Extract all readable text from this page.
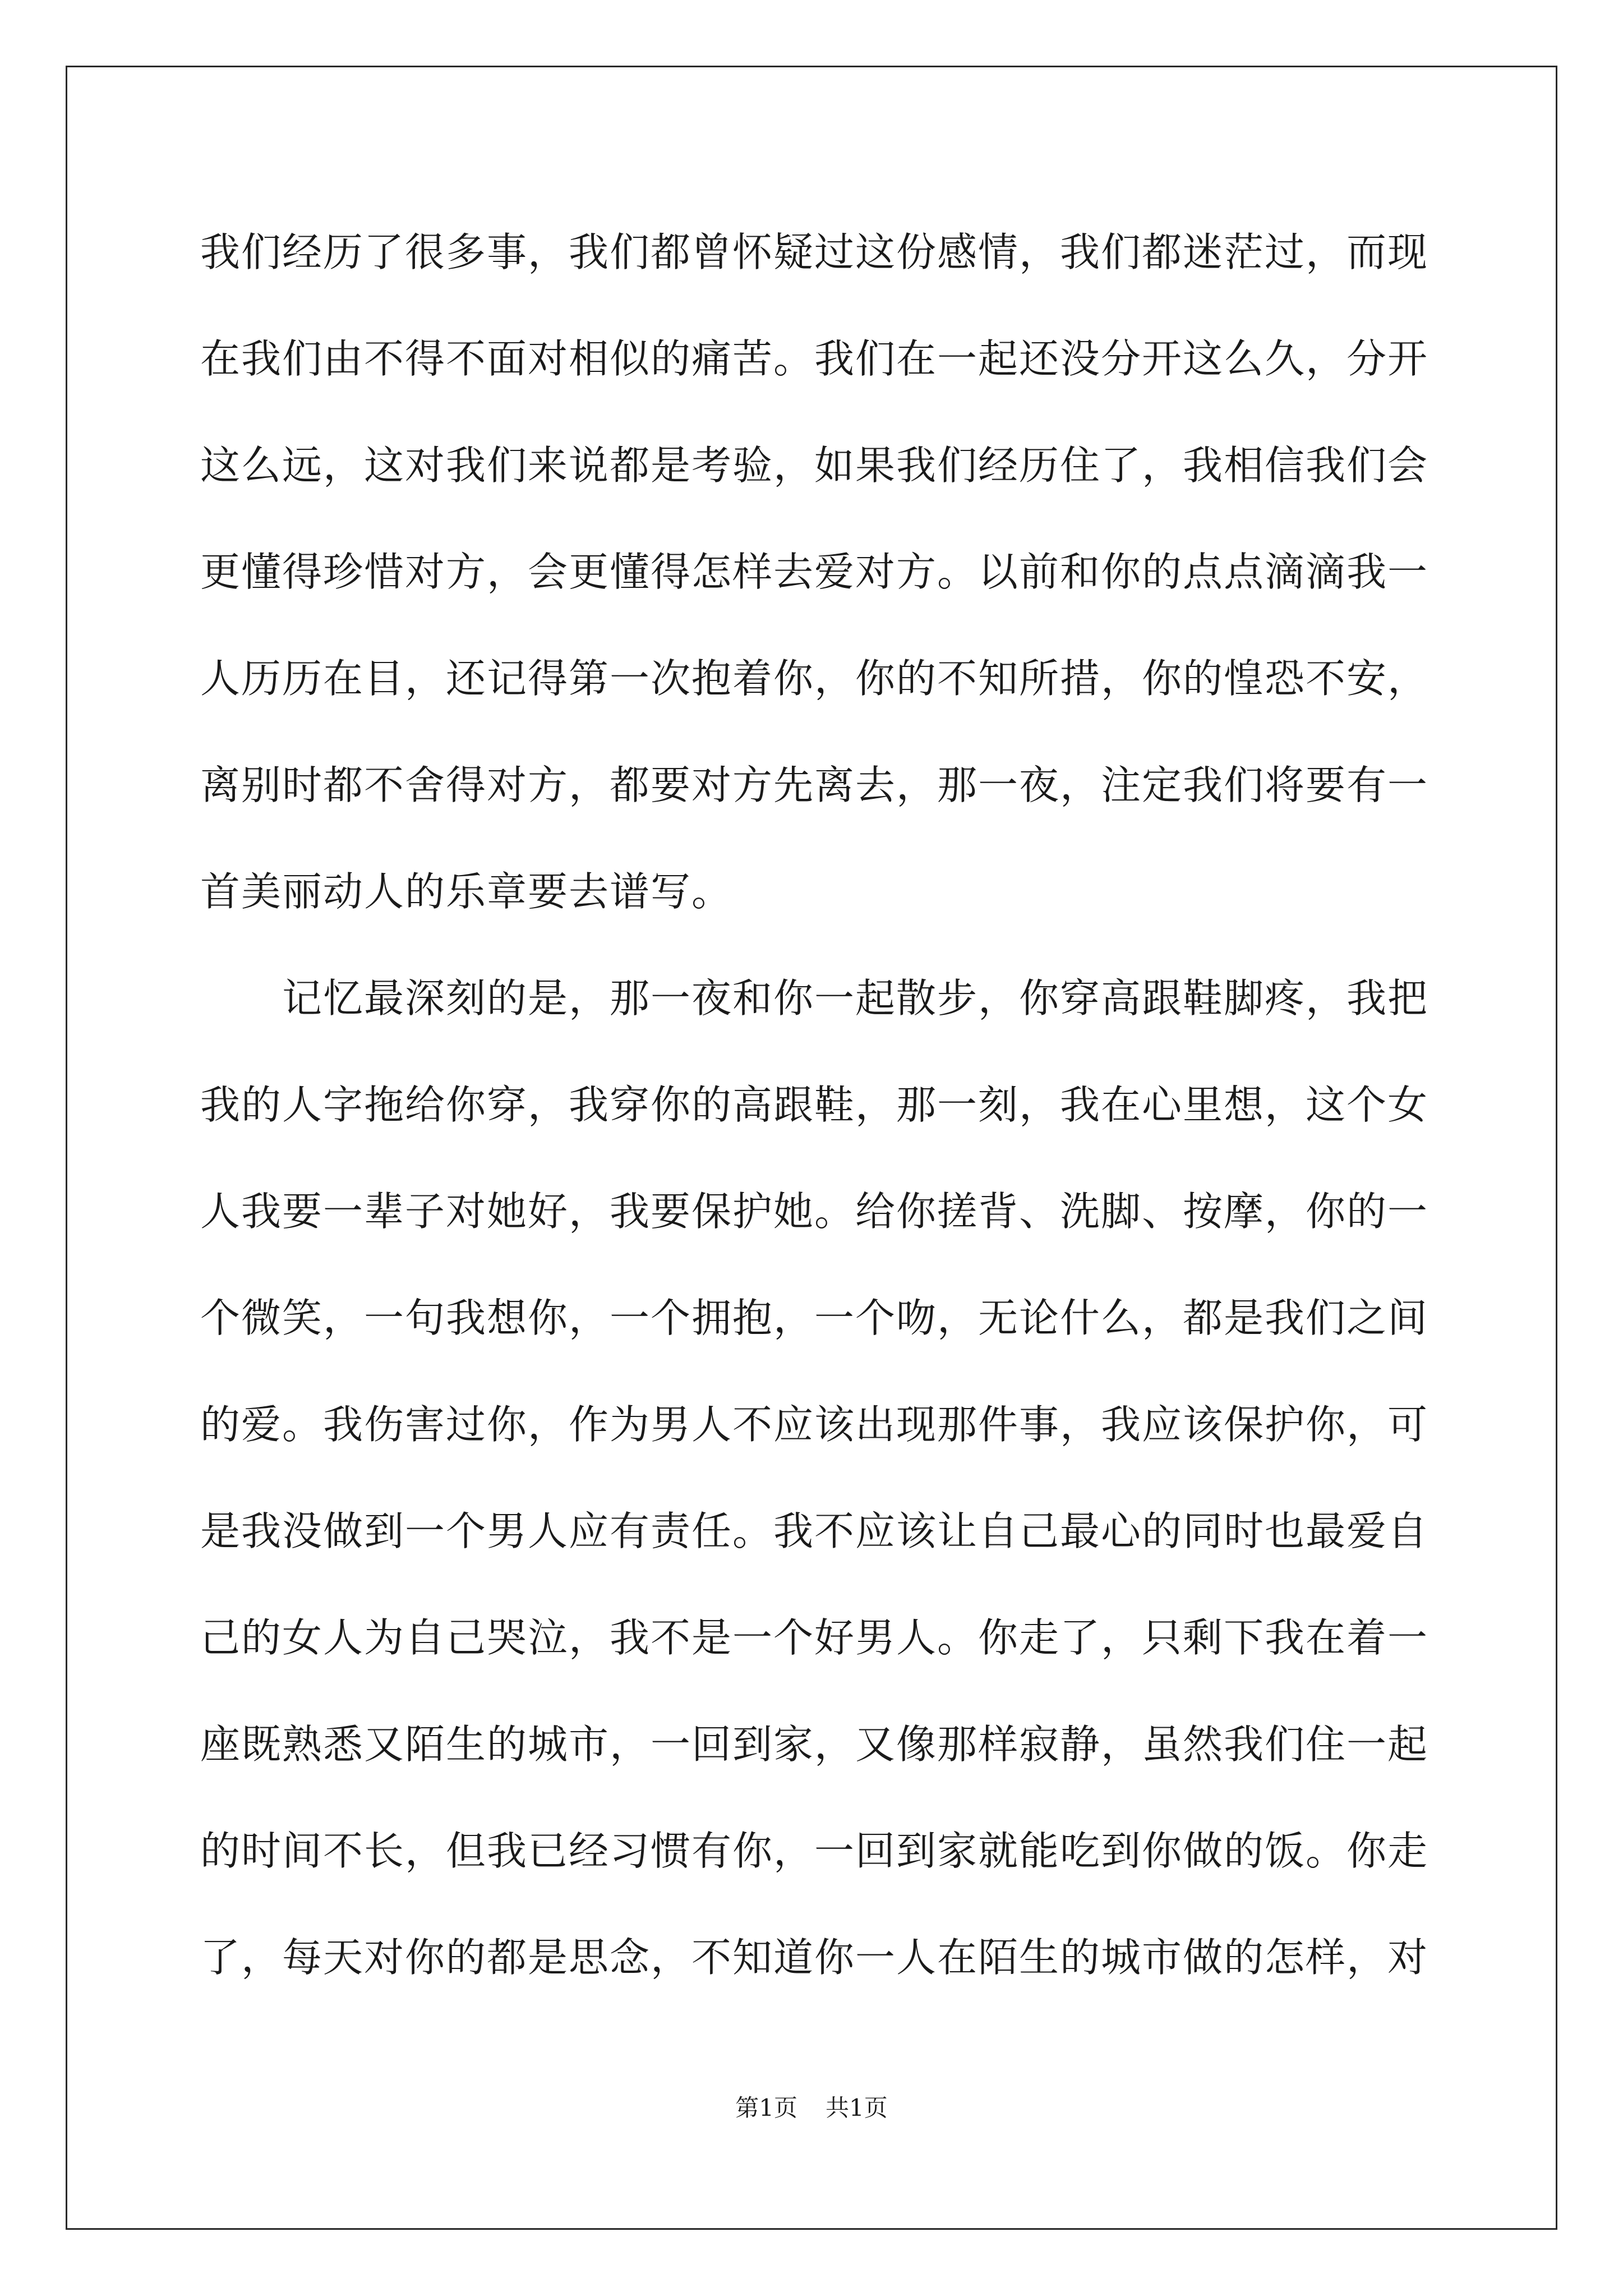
我们经历了很多事，我们都曾怀疑过这份感情，我们都迷茫过，而现
在我们由不得不面对相似的痛苦。我们在一起还没分开这么久，分开
这么远，这对我们来说都是考验，如果我们经历住了，我相信我们会
更懂得珍惜对方，会更懂得怎样去爱对方。以前和你的点点滴滴我一
人历历在目，还记得第一次抱着你，你的不知所措，你的惶恐不安，
离别时都不舍得对方，都要对方先离去，那一夜，注定我们将要有一
首美丽动人的乐章要去谱写。
　　记忆最深刻的是，那一夜和你一起散步，你穿高跟鞋脚疼，我把
我的人字拖给你穿，我穿你的高跟鞋，那一刻，我在心里想，这个女
人我要一辈子对她好，我要保护她。给你搓背、洗脚、按摩，你的一
个微笑，一句我想你，一个拥抱，一个吻，无论什么，都是我们之间
的爱。我伤害过你，作为男人不应该出现那件事，我应该保护你，可
是我没做到一个男人应有责任。我不应该让自己最心的同时也最爱自
己的女人为自己哭泣，我不是一个好男人。你走了，只剩下我在着一
座既熟悉又陌生的城市，一回到家，又像那样寂静，虽然我们住一起
的时间不长，但我已经习惯有你，一回到家就能吃到你做的饭。你走
了，每天对你的都是思念，不知道你一人在陌生的城市做的怎样，对
第1页 共1页
